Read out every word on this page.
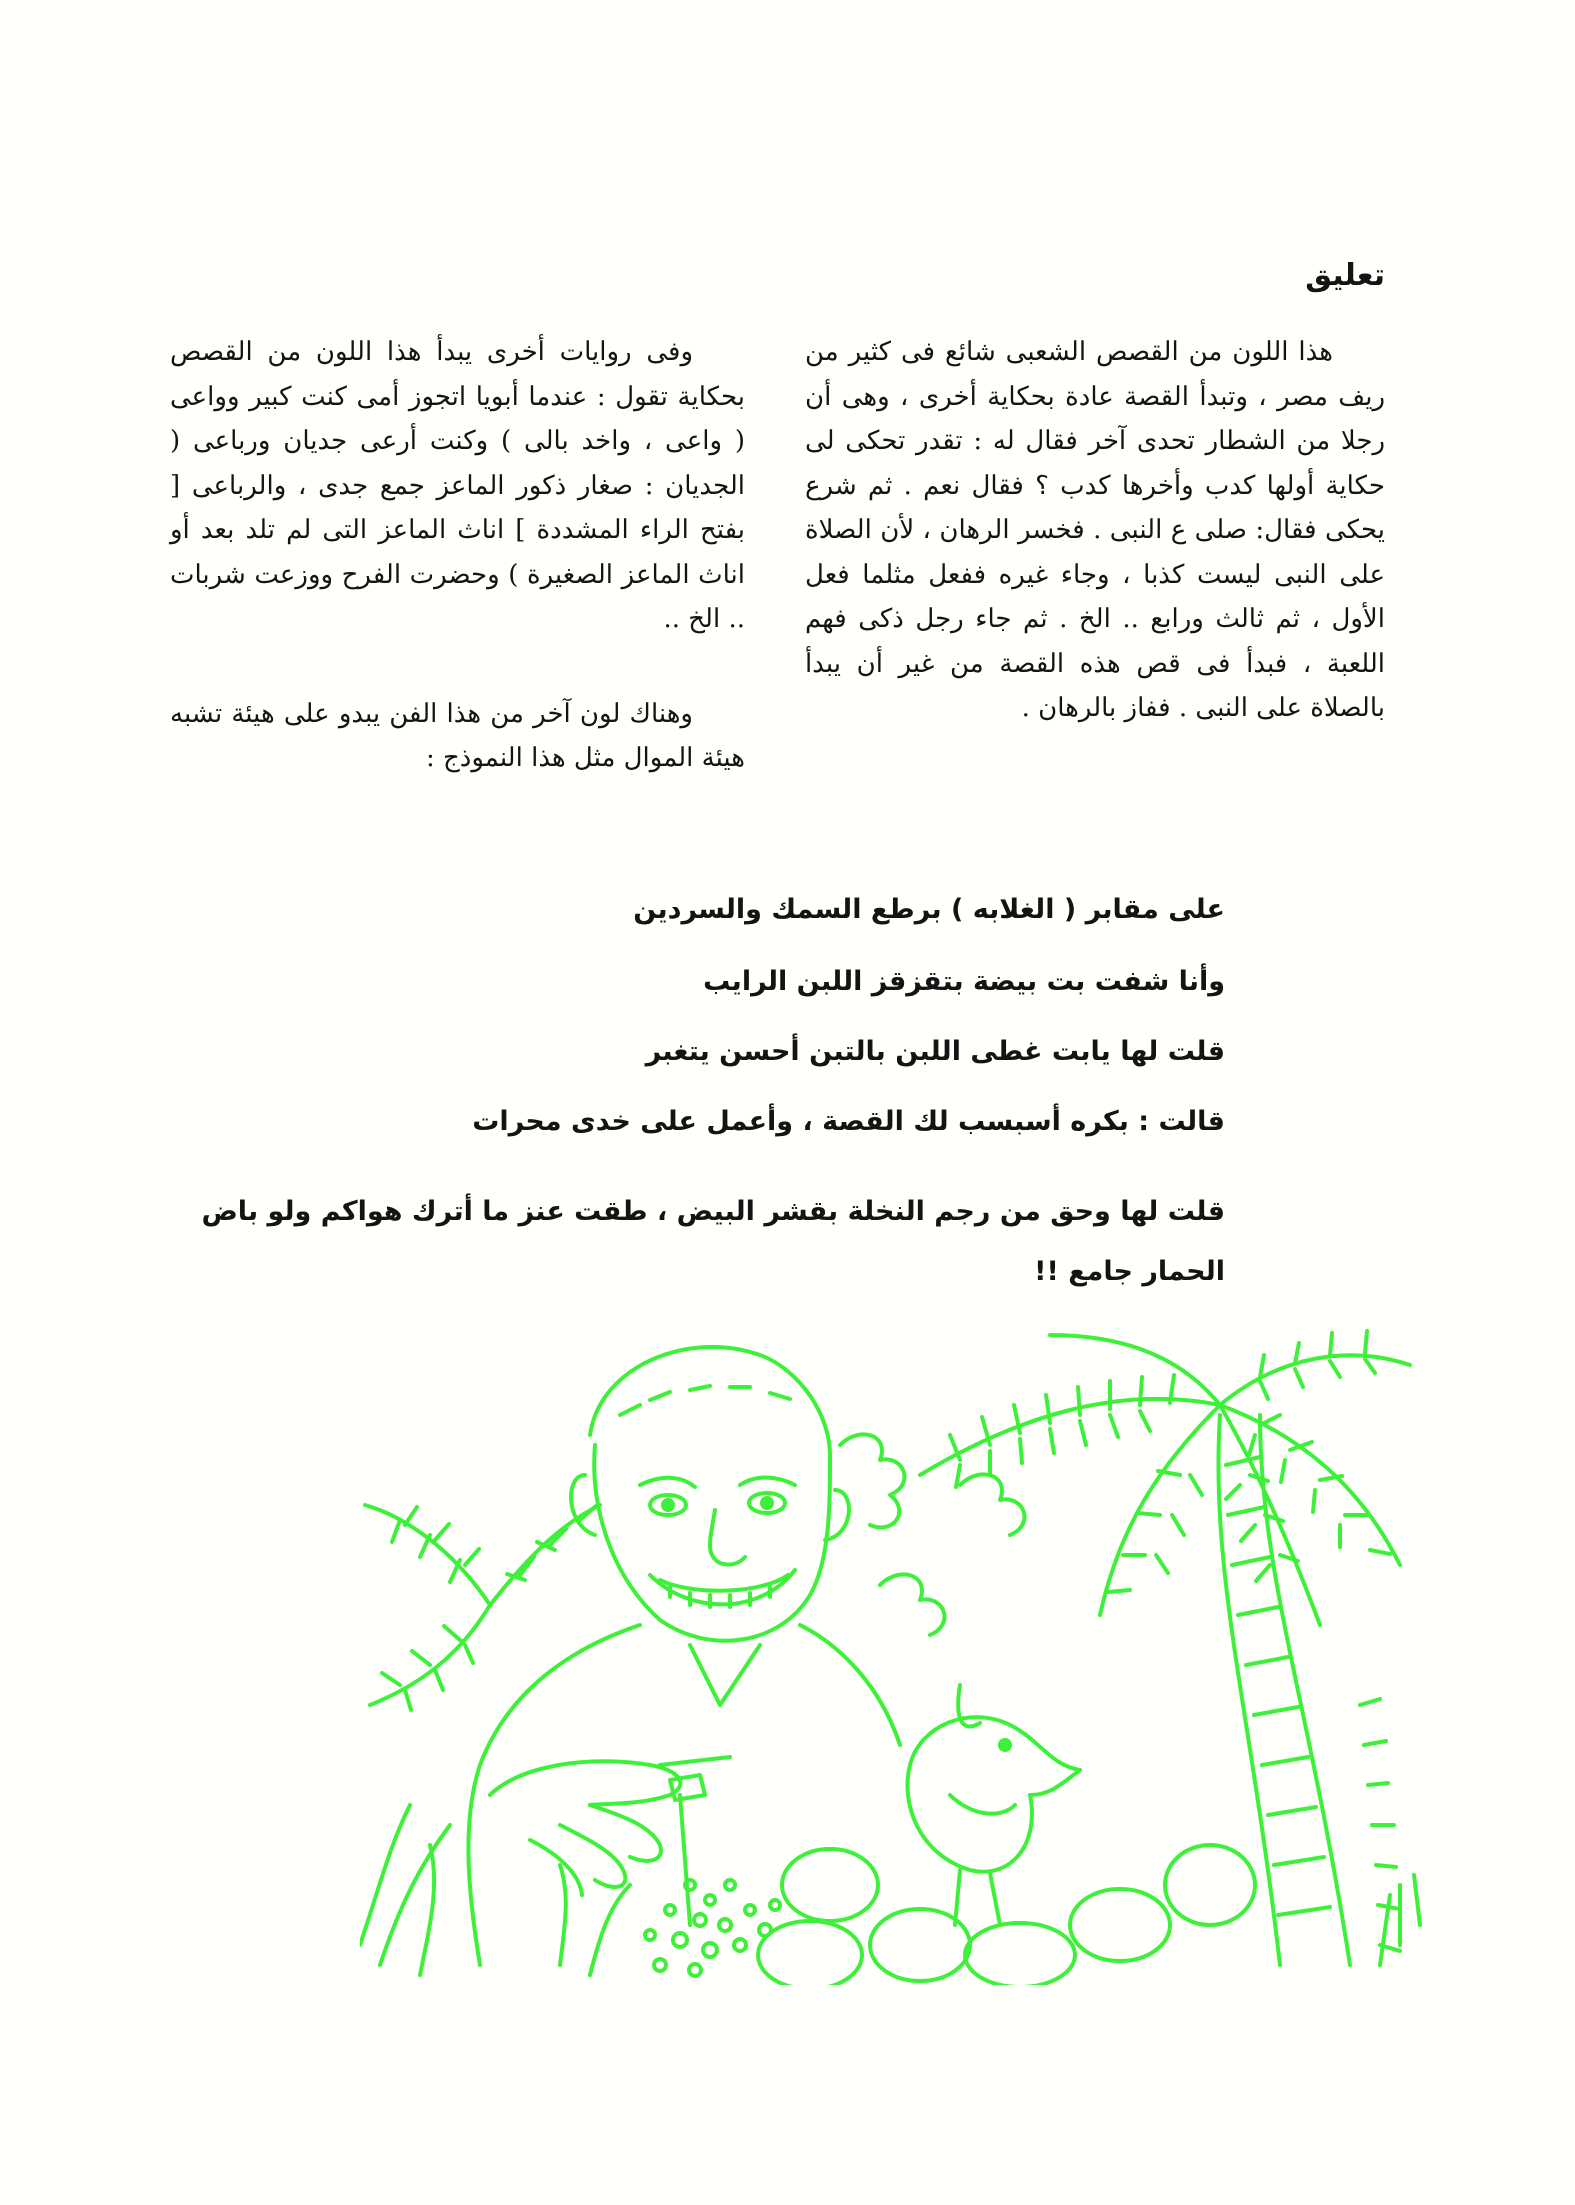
تعليق

هذا اللون من القصص الشعبى شائع فى كثير من ريف مصر ، وتبدأ القصة عادة بحكاية أخرى ، وهى أن رجلا من الشطار تحدى آخر فقال له : تقدر تحكى لى حكاية أولها كدب وأخرها كدب ؟ فقال نعم . ثم شرع يحكى فقال: صلى ع النبى . فخسر الرهان ، لأن الصلاة على النبى ليست كذبا ، وجاء غيره ففعل مثلما فعل الأول ، ثم ثالث ورابع .. الخ . ثم جاء رجل ذكى فهم اللعبة ، فبدأ فى قص هذه القصة من غير أن يبدأ بالصلاة على النبى . ففاز بالرهان .

وفى روايات أخرى يبدأ هذا اللون من القصص بحكاية تقول : عندما أبويا اتجوز أمى كنت كبير وواعى ( واعى ، واخد بالى ) وكنت أرعى جديان ورباعى ( الجديان : صغار ذكور الماعز جمع جدى ، والرباعى [ بفتح الراء المشددة ] اناث الماعز التى لم تلد بعد أو اناث الماعز الصغيرة ) وحضرت الفرح ووزعت شربات .. الخ ..

وهناك لون آخر من هذا الفن يبدو على هيئة تشبه هيئة الموال مثل هذا النموذج :

على مقابر ( الغلابه ) برطع السمك والسردين
وأنا شفت بت بيضة بتقزقز اللبن الرايب
قلت لها يابت غطى اللبن بالتبن أحسن يتغبر
قالت : بكره أسبسب لك القصة ، وأعمل على خدى محرات
قلت لها وحق من رجم النخلة بقشر البيض ، طقت عنز ما أترك هواكم ولو باض الحمار جامع !!
